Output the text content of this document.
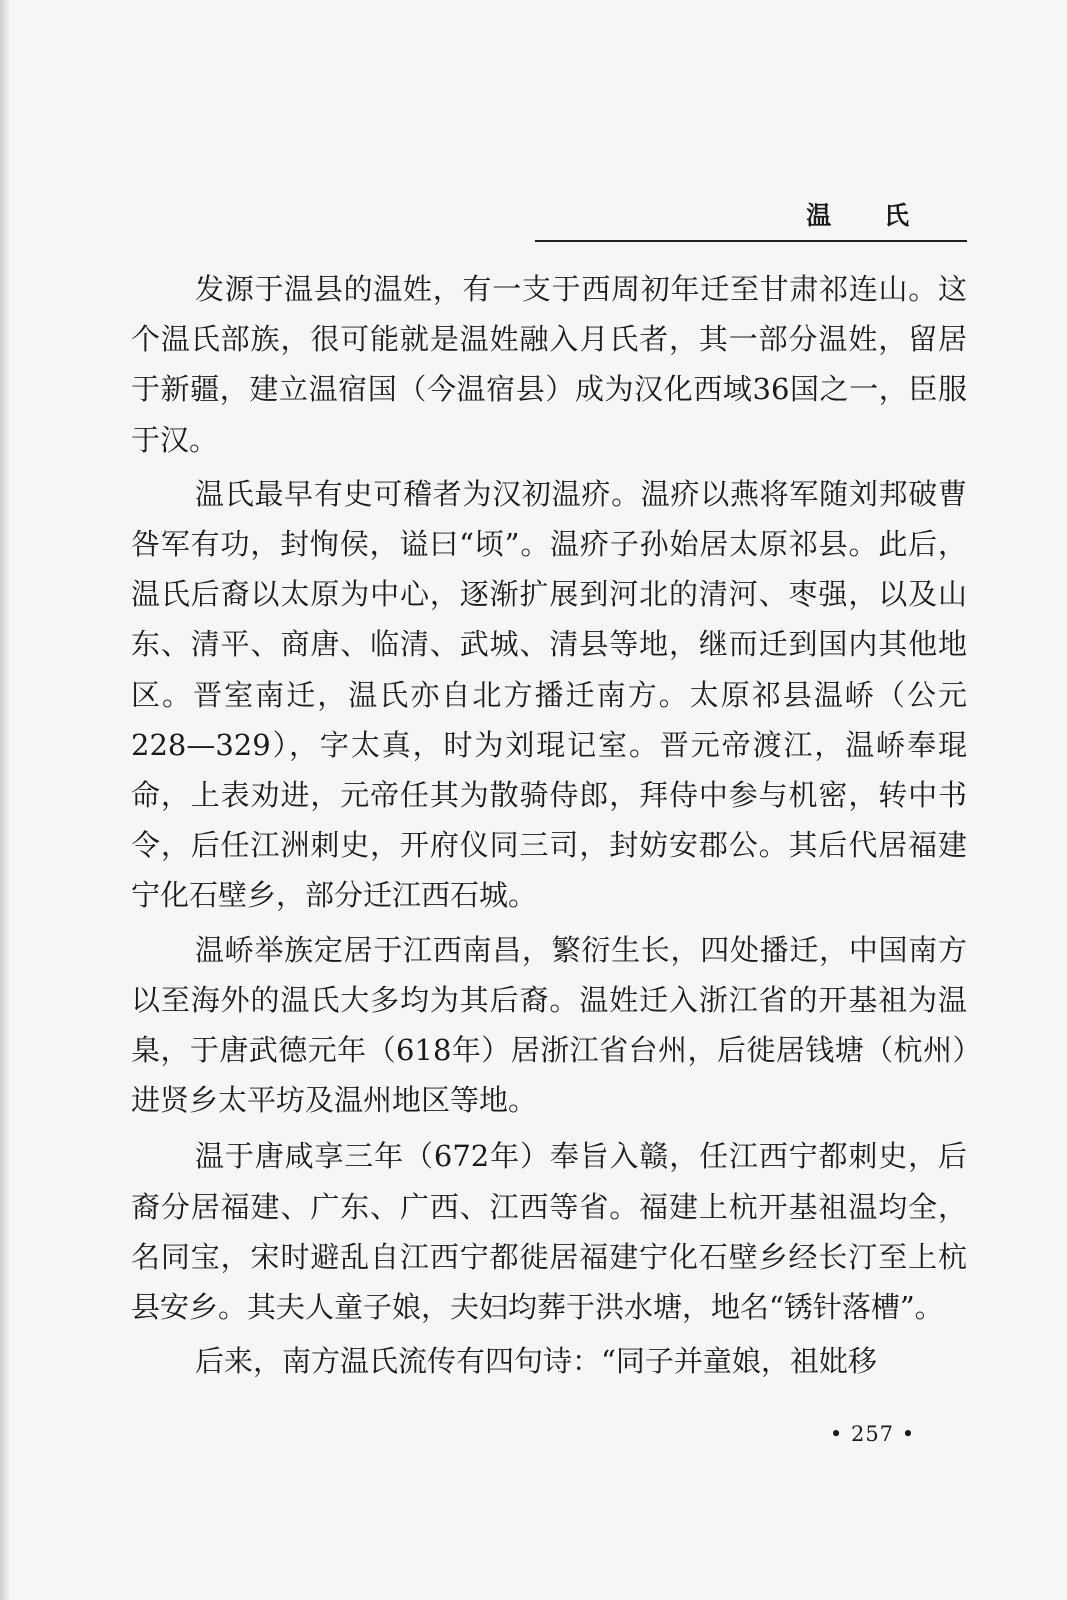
温 氏

发源于温县的温姓，有一支于西周初年迁至甘肃祁连山。这个温氏部族，很可能就是温姓融入月氏者，其一部分温姓，留居于新疆，建立温宿国（今温宿县）成为汉化西域36国之一，臣服于汉。

温氏最早有史可稽者为汉初温疥。温疥以燕将军随刘邦破曹咎军有功，封恂侯，谥曰“顷”。温疥子孙始居太原祁县。此后，温氏后裔以太原为中心，逐渐扩展到河北的清河、枣强，以及山东、清平、商唐、临清、武城、清县等地，继而迁到国内其他地区。晋室南迁，温氏亦自北方播迁南方。太原祁县温峤（公元228—329），字太真，时为刘琨记室。晋元帝渡江，温峤奉琨命，上表劝进，元帝任其为散骑侍郎，拜侍中参与机密，转中书令，后任江洲刺史，开府仪同三司，封妨安郡公。其后代居福建宁化石壁乡，部分迁江西石城。

温峤举族定居于江西南昌，繁衍生长，四处播迁，中国南方以至海外的温氏大多均为其后裔。温姓迁入浙江省的开基祖为温臬，于唐武德元年（618年）居浙江省台州，后徙居钱塘（杭州）进贤乡太平坊及温州地区等地。

温于唐咸享三年（672年）奉旨入赣，任江西宁都刺史，后裔分居福建、广东、广西、江西等省。福建上杭开基祖温均全，名同宝，宋时避乱自江西宁都徙居福建宁化石壁乡经长汀至上杭县安乡。其夫人童子娘，夫妇均葬于洪水塘，地名“锈针落槽”。

后来，南方温氏流传有四句诗：“同子并童娘，祖妣移

• 257 •
